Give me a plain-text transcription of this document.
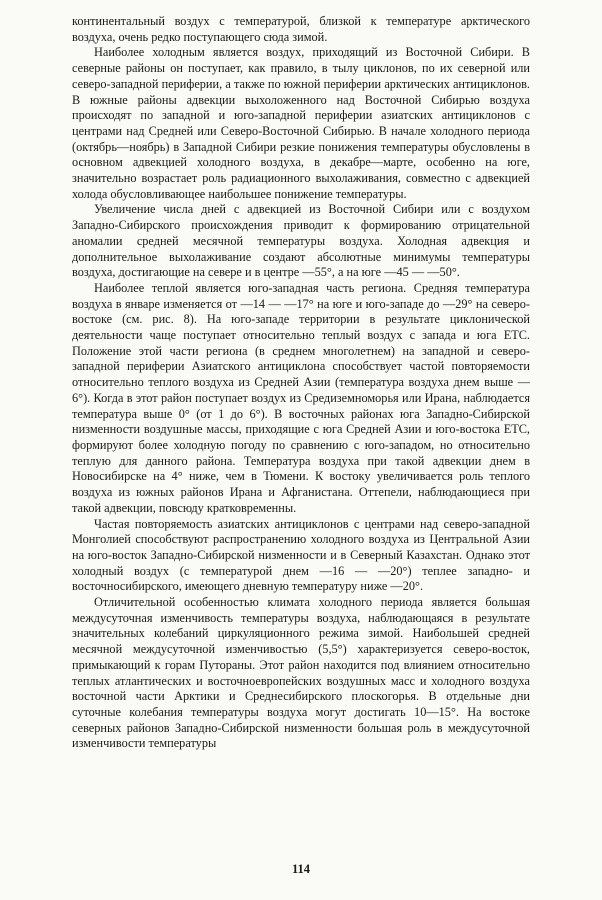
континентальный воздух с температурой, близкой к температуре арктического воздуха, очень редко поступающего сюда зимой.

Наиболее холодным является воздух, приходящий из Восточной Сибири. В северные районы он поступает, как правило, в тылу циклонов, по их северной или северо-западной периферии, а также по южной периферии арктических антициклонов. В южные районы адвекции выхоложенного над Восточной Сибирью воздуха происходят по западной и юго-западной периферии азиатских антициклонов с центрами над Средней или Северо-Восточной Сибирью. В начале холодного периода (октябрь—ноябрь) в Западной Сибири резкие понижения температуры обусловлены в основном адвекцией холодного воздуха, в декабре—марте, особенно на юге, значительно возрастает роль радиационного выхолаживания, совместно с адвекцией холода обусловливающее наибольшее понижение температуры.

Увеличение числа дней с адвекцией из Восточной Сибири или с воздухом Западно-Сибирского происхождения приводит к формированию отрицательной аномалии средней месячной температуры воздуха. Холодная адвекция и дополнительное выхолаживание создают абсолютные минимумы температуры воздуха, достигающие на севере и в центре —55°, а на юге —45 — —50°.

Наиболее теплой является юго-западная часть региона. Средняя температура воздуха в январе изменяется от —14 — —17° на юге и юго-западе до —29° на северо-востоке (см. рис. 8). На юго-западе территории в результате циклонической деятельности чаще поступает относительно теплый воздух с запада и юга ЕТС. Положение этой части региона (в среднем многолетнем) на западной и северо-западной периферии Азиатского антициклона способствует частой повторяемости относительно теплого воздуха из Средней Азии (температура воздуха днем выше —6°). Когда в этот район поступает воздух из Средиземноморья или Ирана, наблюдается температура выше 0° (от 1 до 6°). В восточных районах юга Западно-Сибирской низменности воздушные массы, приходящие с юга Средней Азии и юго-востока ЕТС, формируют более холодную погоду по сравнению с юго-западом, но относительно теплую для данного района. Температура воздуха при такой адвекции днем в Новосибирске на 4° ниже, чем в Тюмени. К востоку увеличивается роль теплого воздуха из южных районов Ирана и Афганистана. Оттепели, наблюдающиеся при такой адвекции, повсюду кратковременны.

Частая повторяемость азиатских антициклонов с центрами над северо-западной Монголией способствуют распространению холодного воздуха из Центральной Азии на юго-восток Западно-Сибирской низменности и в Северный Казахстан. Однако этот холодный воздух (с температурой днем —16 — —20°) теплее западно- и восточносибирского, имеющего дневную температуру ниже —20°.

Отличительной особенностью климата холодного периода является большая междусуточная изменчивость температуры воздуха, наблюдающаяся в результате значительных колебаний циркуляционного режима зимой. Наибольшей средней месячной междусуточной изменчивостью (5,5°) характеризуется северо-восток, примыкающий к горам Путораны. Этот район находится под влиянием относительно теплых атлантических и восточноевропейских воздушных масс и холодного воздуха восточной части Арктики и Среднесибирского плоскогорья. В отдельные дни суточные колебания температуры воздуха могут достигать 10—15°. На востоке северных районов Западно-Сибирской низменности большая роль в междусуточной изменчивости температуры

114
